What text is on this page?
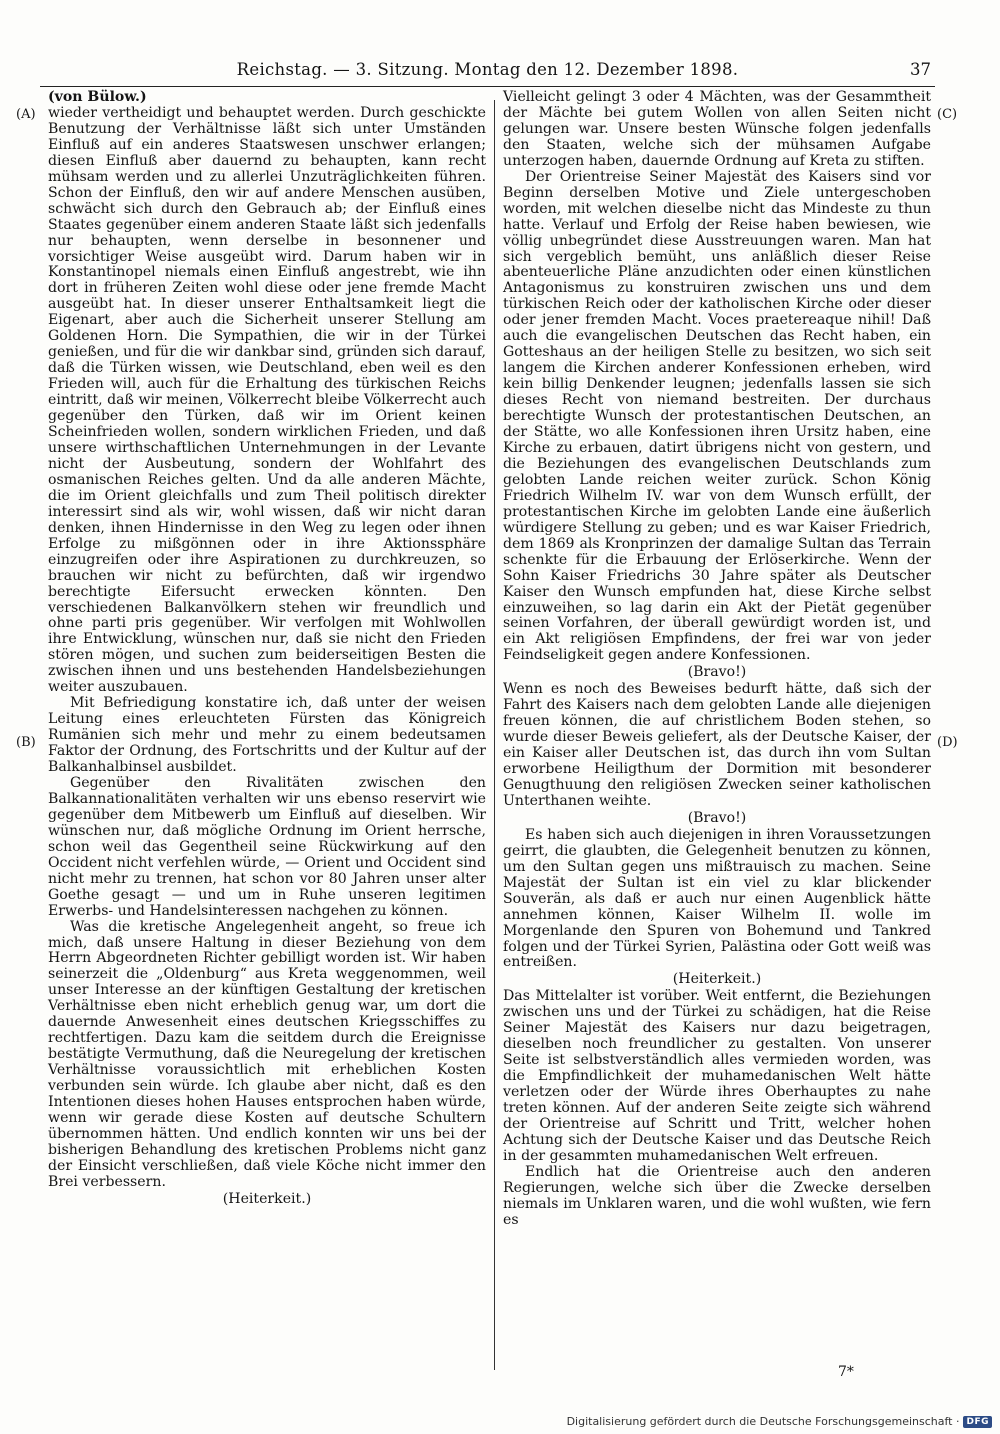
Reichstag. — 3. Sitzung. Montag den 12. Dezember 1898.	37
(A)
(B)
(C)
(D)

(von Bülow.)

wieder vertheidigt und behauptet werden. Durch geschickte Benutzung der Verhältnisse läßt sich unter Umständen Einfluß auf ein anderes Staatswesen unschwer erlangen; diesen Einfluß aber dauernd zu behaupten, kann recht mühsam werden und zu allerlei Unzuträglichkeiten führen. Schon der Einfluß, den wir auf andere Menschen ausüben, schwächt sich durch den Gebrauch ab; der Einfluß eines Staates gegenüber einem anderen Staate läßt sich jedenfalls nur behaupten, wenn derselbe in besonnener und vorsichtiger Weise ausgeübt wird. Darum haben wir in Konstantinopel niemals einen Einfluß angestrebt, wie ihn dort in früheren Zeiten wohl diese oder jene fremde Macht ausgeübt hat. In dieser unserer Enthaltsamkeit liegt die Eigenart, aber auch die Sicherheit unserer Stellung am Goldenen Horn. Die Sympathien, die wir in der Türkei genießen, und für die wir dankbar sind, gründen sich darauf, daß die Türken wissen, wie Deutschland, eben weil es den Frieden will, auch für die Erhaltung des türkischen Reichs eintritt, daß wir meinen, Völkerrecht bleibe Völkerrecht auch gegenüber den Türken, daß wir im Orient keinen Scheinfrieden wollen, sondern wirklichen Frieden, und daß unsere wirthschaftlichen Unternehmungen in der Levante nicht der Ausbeutung, sondern der Wohlfahrt des osmanischen Reiches gelten. Und da alle anderen Mächte, die im Orient gleichfalls und zum Theil politisch direkter interessirt sind als wir, wohl wissen, daß wir nicht daran denken, ihnen Hindernisse in den Weg zu legen oder ihnen Erfolge zu mißgönnen oder in ihre Aktionssphäre einzugreifen oder ihre Aspirationen zu durchkreuzen, so brauchen wir nicht zu befürchten, daß wir irgendwo berechtigte Eifersucht erwecken könnten. Den verschiedenen Balkanvölkern stehen wir freundlich und ohne parti pris gegenüber. Wir verfolgen mit Wohlwollen ihre Entwicklung, wünschen nur, daß sie nicht den Frieden stören mögen, und suchen zum beiderseitigen Besten die zwischen ihnen und uns bestehenden Handelsbeziehungen weiter auszubauen.

Mit Befriedigung konstatire ich, daß unter der weisen Leitung eines erleuchteten Fürsten das Königreich Rumänien sich mehr und mehr zu einem bedeutsamen Faktor der Ordnung, des Fortschritts und der Kultur auf der Balkanhalbinsel ausbildet.

Gegenüber den Rivalitäten zwischen den Balkannationalitäten verhalten wir uns ebenso reservirt wie gegenüber dem Mitbewerb um Einfluß auf dieselben. Wir wünschen nur, daß mögliche Ordnung im Orient herrsche, schon weil das Gegentheil seine Rückwirkung auf den Occident nicht verfehlen würde, — Orient und Occident sind nicht mehr zu trennen, hat schon vor 80 Jahren unser alter Goethe gesagt — und um in Ruhe unseren legitimen Erwerbs- und Handelsinteressen nachgehen zu können.

Was die kretische Angelegenheit angeht, so freue ich mich, daß unsere Haltung in dieser Beziehung von dem Herrn Abgeordneten Richter gebilligt worden ist. Wir haben seinerzeit die „Oldenburg“ aus Kreta weggenommen, weil unser Interesse an der künftigen Gestaltung der kretischen Verhältnisse eben nicht erheblich genug war, um dort die dauernde Anwesenheit eines deutschen Kriegsschiffes zu rechtfertigen. Dazu kam die seitdem durch die Ereignisse bestätigte Vermuthung, daß die Neuregelung der kretischen Verhältnisse voraussichtlich mit erheblichen Kosten verbunden sein würde. Ich glaube aber nicht, daß es den Intentionen dieses hohen Hauses entsprochen haben würde, wenn wir gerade diese Kosten auf deutsche Schultern übernommen hätten. Und endlich konnten wir uns bei der bisherigen Behandlung des kretischen Problems nicht ganz der Einsicht verschließen, daß viele Köche nicht immer den Brei verbessern.

(Heiterkeit.)

Vielleicht gelingt 3 oder 4 Mächten, was der Gesammtheit der Mächte bei gutem Wollen von allen Seiten nicht gelungen war. Unsere besten Wünsche folgen jedenfalls den Staaten, welche sich der mühsamen Aufgabe unterzogen haben, dauernde Ordnung auf Kreta zu stiften.

Der Orientreise Seiner Majestät des Kaisers sind vor Beginn derselben Motive und Ziele untergeschoben worden, mit welchen dieselbe nicht das Mindeste zu thun hatte. Verlauf und Erfolg der Reise haben bewiesen, wie völlig unbegründet diese Ausstreuungen waren. Man hat sich vergeblich bemüht, uns anläßlich dieser Reise abenteuerliche Pläne anzudichten oder einen künstlichen Antagonismus zu konstruiren zwischen uns und dem türkischen Reich oder der katholischen Kirche oder dieser oder jener fremden Macht. Voces praetereaque nihil! Daß auch die evangelischen Deutschen das Recht haben, ein Gotteshaus an der heiligen Stelle zu besitzen, wo sich seit langem die Kirchen anderer Konfessionen erheben, wird kein billig Denkender leugnen; jedenfalls lassen sie sich dieses Recht von niemand bestreiten. Der durchaus berechtigte Wunsch der protestantischen Deutschen, an der Stätte, wo alle Konfessionen ihren Ursitz haben, eine Kirche zu erbauen, datirt übrigens nicht von gestern, und die Beziehungen des evangelischen Deutschlands zum gelobten Lande reichen weiter zurück. Schon König Friedrich Wilhelm IV. war von dem Wunsch erfüllt, der protestantischen Kirche im gelobten Lande eine äußerlich würdigere Stellung zu geben; und es war Kaiser Friedrich, dem 1869 als Kronprinzen der damalige Sultan das Terrain schenkte für die Erbauung der Erlöserkirche. Wenn der Sohn Kaiser Friedrichs 30 Jahre später als Deutscher Kaiser den Wunsch empfunden hat, diese Kirche selbst einzuweihen, so lag darin ein Akt der Pietät gegenüber seinen Vorfahren, der überall gewürdigt worden ist, und ein Akt religiösen Empfindens, der frei war von jeder Feindseligkeit gegen andere Konfessionen.

(Bravo!)

Wenn es noch des Beweises bedurft hätte, daß sich der Fahrt des Kaisers nach dem gelobten Lande alle diejenigen freuen können, die auf christlichem Boden stehen, so wurde dieser Beweis geliefert, als der Deutsche Kaiser, der ein Kaiser aller Deutschen ist, das durch ihn vom Sultan erworbene Heiligthum der Dormition mit besonderer Genugthuung den religiösen Zwecken seiner katholischen Unterthanen weihte.

(Bravo!)

Es haben sich auch diejenigen in ihren Voraussetzungen geirrt, die glaubten, die Gelegenheit benutzen zu können, um den Sultan gegen uns mißtrauisch zu machen. Seine Majestät der Sultan ist ein viel zu klar blickender Souverän, als daß er auch nur einen Augenblick hätte annehmen können, Kaiser Wilhelm II. wolle im Morgenlande den Spuren von Bohemund und Tankred folgen und der Türkei Syrien, Palästina oder Gott weiß was entreißen.

(Heiterkeit.)

Das Mittelalter ist vorüber. Weit entfernt, die Beziehungen zwischen uns und der Türkei zu schädigen, hat die Reise Seiner Majestät des Kaisers nur dazu beigetragen, dieselben noch freundlicher zu gestalten. Von unserer Seite ist selbstverständlich alles vermieden worden, was die Empfindlichkeit der muhamedanischen Welt hätte verletzen oder der Würde ihres Oberhauptes zu nahe treten können. Auf der anderen Seite zeigte sich während der Orientreise auf Schritt und Tritt, welcher hohen Achtung sich der Deutsche Kaiser und das Deutsche Reich in der gesammten muhamedanischen Welt erfreuen.

Endlich hat die Orientreise auch den anderen Regierungen, welche sich über die Zwecke derselben niemals im Unklaren waren, und die wohl wußten, wie fern es

7*
Digitalisierung gefördert durch die Deutsche Forschungsgemeinschaft · DFG
